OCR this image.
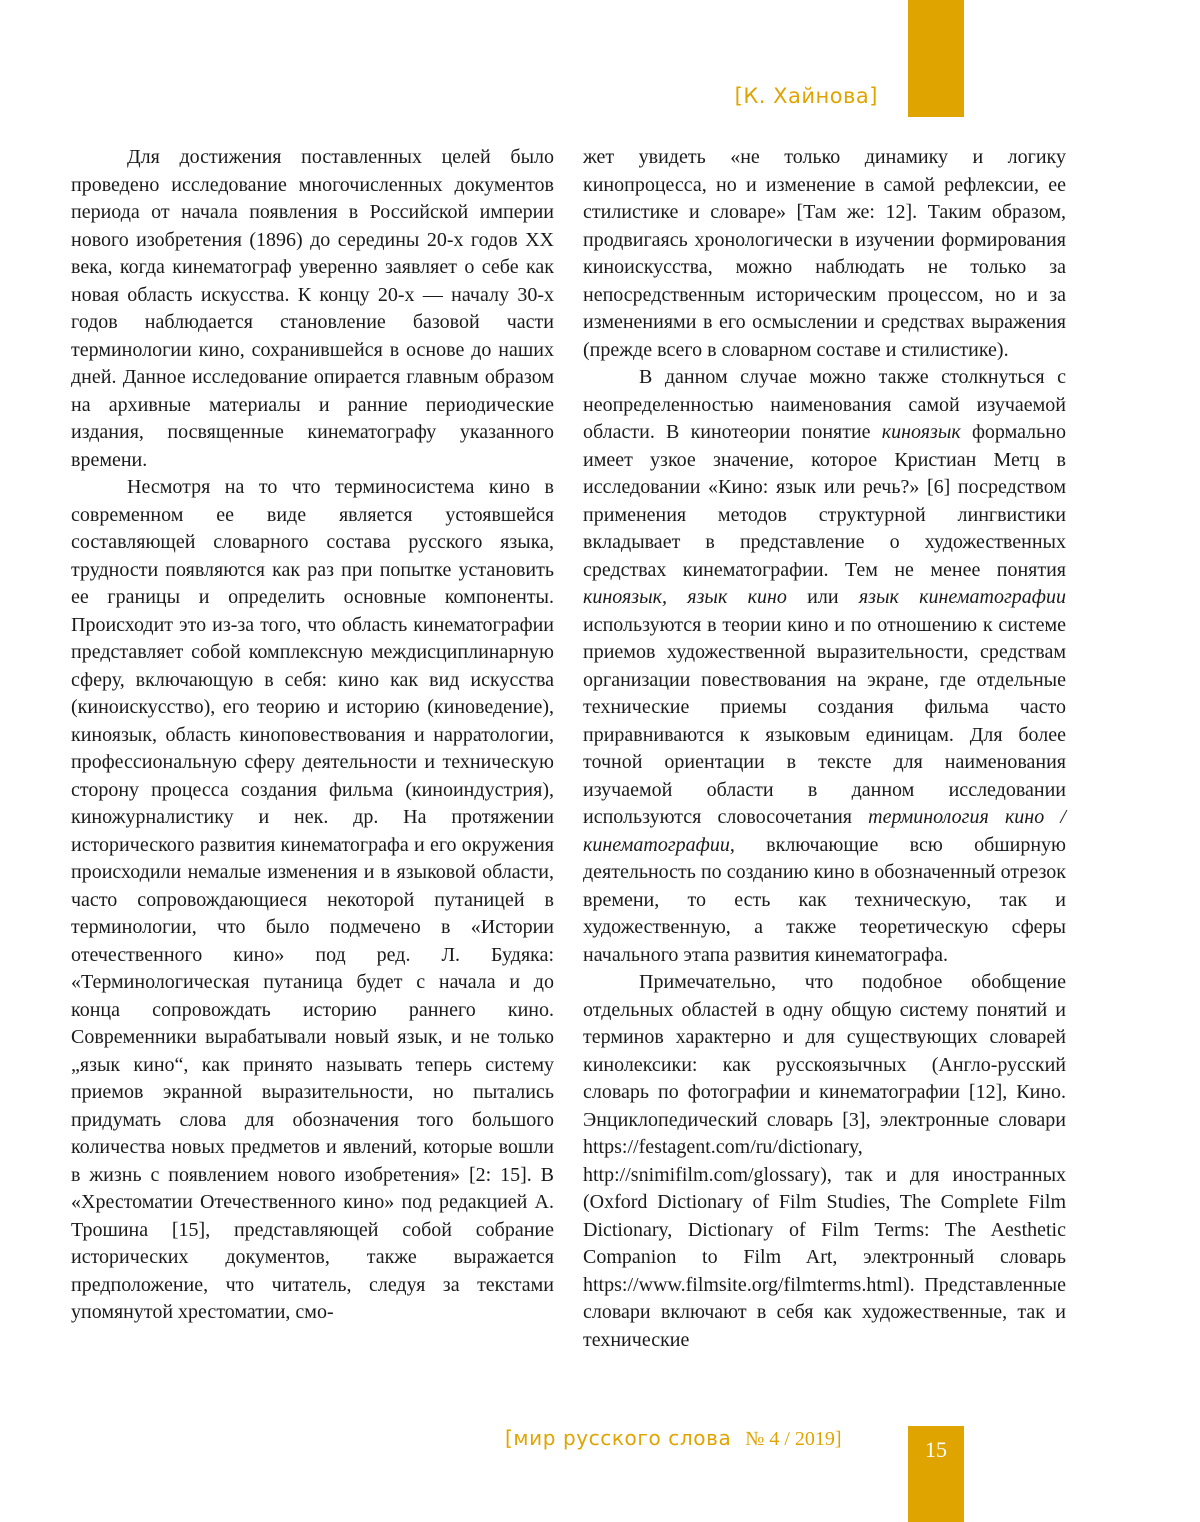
[К. Хайнова]

Для достижения поставленных целей было проведено исследование многочисленных документов периода от начала появления в Российской империи нового изобретения (1896) до середины 20-х годов XX века, когда кинематограф уверенно заявляет о себе как новая область искусства. К концу 20-х — началу 30-х годов наблюдается становление базовой части терминологии кино, сохранившейся в основе до наших дней. Данное исследование опирается главным образом на архивные материалы и ранние периодические издания, посвященные кинематографу указанного времени.

Несмотря на то что терминосистема кино в современном ее виде является устоявшейся составляющей словарного состава русского языка, трудности появляются как раз при попытке установить ее границы и определить основные компоненты. Происходит это из-за того, что область кинематографии представляет собой комплексную междисциплинарную сферу, включающую в себя: кино как вид искусства (киноискусство), его теорию и историю (киноведение), киноязык, область киноповествования и нарратологии, профессиональную сферу деятельности и техническую сторону процесса создания фильма (киноиндустрия), киножурналистику и нек. др. На протяжении исторического развития кинематографа и его окружения происходили немалые изменения и в языковой области, часто сопровождающиеся некоторой путаницей в терминологии, что было подмечено в «Истории отечественного кино» под ред. Л. Будяка: «Терминологическая путаница будет с начала и до конца сопровождать историю раннего кино. Современники вырабатывали новый язык, и не только „язык кино“, как принято называть теперь систему приемов экранной выразительности, но пытались придумать слова для обозначения того большого количества новых предметов и явлений, которые вошли в жизнь с появлением нового изобретения» [2: 15]. В «Хрестоматии Отечественного кино» под редакцией А. Трошина [15], представляющей собой собрание исторических документов, также выражается предположение, что читатель, следуя за текстами упомянутой хрестоматии, смо-

жет увидеть «не только динамику и логику кинопроцесса, но и изменение в самой рефлексии, ее стилистике и словаре» [Там же: 12]. Таким образом, продвигаясь хронологически в изучении формирования киноискусства, можно наблюдать не только за непосредственным историческим процессом, но и за изменениями в его осмыслении и средствах выражения (прежде всего в словарном составе и стилистике).

В данном случае можно также столкнуться с неопределенностью наименования самой изучаемой области. В кинотеории понятие киноязык формально имеет узкое значение, которое Кристиан Метц в исследовании «Кино: язык или речь?» [6] посредством применения методов структурной лингвистики вкладывает в представление о художественных средствах кинематографии. Тем не менее понятия киноязык, язык кино или язык кинематографии используются в теории кино и по отношению к системе приемов художественной выразительности, средствам организации повествования на экране, где отдельные технические приемы создания фильма часто приравниваются к языковым единицам. Для более точной ориентации в тексте для наименования изучаемой области в данном исследовании используются словосочетания терминология кино / кинематографии, включающие всю обширную деятельность по созданию кино в обозначенный отрезок времени, то есть как техническую, так и художественную, а также теоретическую сферы начального этапа развития кинематографа.

Примечательно, что подобное обобщение отдельных областей в одну общую систему понятий и терминов характерно и для существующих словарей кинолексики: как русскоязычных (Англо-русский словарь по фотографии и кинематографии [12], Кино. Энциклопедический словарь [3], электронные словари https://festagent.com/ru/dictionary, http://snimifilm.com/glossary), так и для иностранных (Oxford Dictionary of Film Studies, The Complete Film Dictionary, Dictionary of Film Terms: The Aesthetic Companion to Film Art, электронный словарь https://www.filmsite.org/filmterms.html). Представленные словари включают в себя как художественные, так и технические

[мир русского слова № 4 / 2019]	15
